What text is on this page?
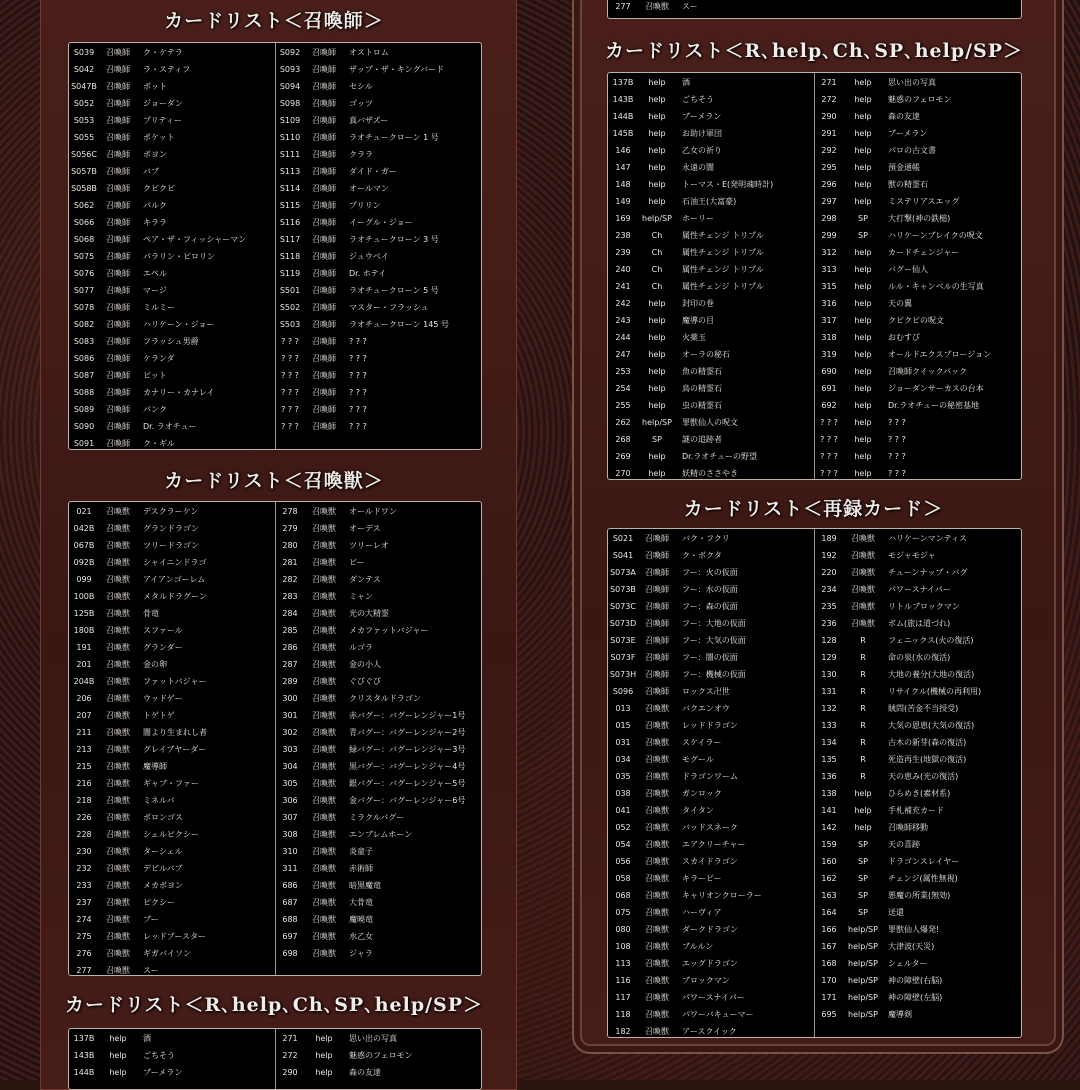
カードリスト＜召喚師＞
S039	召喚師	ク・ケテラ
S042	召喚師	ラ・スティフ
S047B	召喚師	ボット
S052	召喚師	ジョーダン
S053	召喚師	プリティー
S055	召喚師	ポケット
S056C	召喚師	ポヨン
S057B	召喚師	バブ
S058B	召喚師	クピクピ
S062	召喚師	パルク
S066	召喚師	キララ
S068	召喚師	ペア・ザ・フィッシャーマン
S075	召喚師	パラリン・ピロリン
S076	召喚師	エペル
S077	召喚師	マージ
S078	召喚師	ミルミー
S082	召喚師	ハリケーン・ジョー
S083	召喚師	フラッシュ男爵
S086	召喚師	ケランダ
S087	召喚師	ビット
S088	召喚師	カナリー・カナレイ
S089	召喚師	パンク
S090	召喚師	Dr. ラオチュー
S091	召喚師	ク・ギル
S092	召喚師	オストロム
S093	召喚師	ザップ・ザ・キングバード
S094	召喚師	セシル
S098	召喚師	ゴッツ
S109	召喚師	真バザズー
S110	召喚師	ラオチュークローン 1 号
S111	召喚師	クララ
S113	召喚師	ダイド・ガー
S114	召喚師	オールマン
S115	召喚師	プリリン
S116	召喚師	イーグル・ジョー
S117	召喚師	ラオチュークローン 3 号
S118	召喚師	ジュウベイ
S119	召喚師	Dr. ホテイ
S501	召喚師	ラオチュークローン 5 号
S502	召喚師	マスター・フラッシュ
S503	召喚師	ラオチュークローン 145 号
? ? ?	召喚師	? ? ?
? ? ?	召喚師	? ? ?
? ? ?	召喚師	? ? ?
? ? ?	召喚師	? ? ?
? ? ?	召喚師	? ? ?
? ? ?	召喚師	? ? ?
カードリスト＜召喚獣＞
021	召喚獣	デスクラーケン
042B	召喚獣	グランドラゴン
067B	召喚獣	ツリードラゴン
092B	召喚獣	シャイニンドラゴ
099	召喚獣	アイアンゴーレム
100B	召喚獣	メタルドラグーン
125B	召喚獣	骨竜
180B	召喚獣	スファール
191	召喚獣	グランダー
201	召喚獣	金の卵
204B	召喚獣	ファットバジャー
206	召喚獣	ウッドゲー
207	召喚獣	トゲトゲ
211	召喚獣	闇より生まれし者
213	召喚獣	グレイブヤーダー
215	召喚獣	魔導師
216	召喚獣	ギャブ・ファー
218	召喚獣	ミネルバ
226	召喚獣	ボロンゴス
228	召喚獣	シェルピクシー
230	召喚獣	ターシェル
232	召喚獣	デビルバブ
233	召喚獣	メカボヨン
237	召喚獣	ピクシー
274	召喚獣	ブー
275	召喚獣	レッドブースター
276	召喚獣	ギガバイソン
277	召喚獣	スー
278	召喚獣	オールドワン
279	召喚獣	オーデス
280	召喚獣	ツリーレオ
281	召喚獣	ビー
282	召喚獣	ダンテス
283	召喚獣	ミャン
284	召喚獣	光の大精霊
285	召喚獣	メカファットバジャー
286	召喚獣	ルゴラ
287	召喚獣	金の小人
289	召喚獣	ぐびぐび
300	召喚獣	クリスタルドラゴン
301	召喚獣	赤バグー：バグーレンジャー1号
302	召喚獣	青バグー：バグーレンジャー2号
303	召喚獣	緑バグー：バグーレンジャー3号
304	召喚獣	黒バグー：バグーレンジャー4号
305	召喚獣	銀バグー：バグーレンジャー5号
306	召喚獣	金バグー：バグーレンジャー6号
307	召喚獣	ミラクルバグー
308	召喚獣	エンブレムホーン
310	召喚獣	炎童子
311	召喚獣	赤術師
686	召喚獣	暗黒魔竜
687	召喚獣	大骨竜
688	召喚獣	魔曉竜
697	召喚獣	水乙女
698	召喚獣	ジャラ
カードリスト＜R､help､Ch､SP､help/SP＞
137B	help	酒
143B	help	ごちそう
144B	help	ブーメラン
271	help	思い出の写真
272	help	魅惑のフェロモン
290	help	森の友達
277	召喚獣	スー
カードリスト＜R､help､Ch､SP､help/SP＞
137B	help	酒
143B	help	ごちそう
144B	help	ブーメラン
145B	help	お助け軍団
146	help	乙女の祈り
147	help	永遠の闇
148	help	トーマス・E(発明魂時計)
149	help	石油王(大富豪)
169	help/SP	ホーリー
238	Ch	属性チェンジ トリプル
239	Ch	属性チェンジ トリプル
240	Ch	属性チェンジ トリプル
241	Ch	属性チェンジ トリプル
242	help	封印の巻
243	help	魔導の目
244	help	火薬玉
247	help	オーラの秘石
253	help	魚の精霊石
254	help	鳥の精霊石
255	help	虫の精霊石
262	help/SP	罪獣仙人の呪文
268	SP	謎の追跡者
269	help	Dr.ラオチューの野望
270	help	妖精のささやき
271	help	思い出の写真
272	help	魅惑のフェロモン
290	help	森の友達
291	help	ブーメラン
292	help	パロの古文書
295	help	預金通帳
296	help	獣の精霊石
297	help	ミステリアスエッグ
298	SP	大打撃(神の鉄槌)
299	SP	ハリケーンブレイクの呪文
312	help	カードチェンジャー
313	help	バグー仙人
315	help	ルル・キャンベルの生写真
316	help	天の翼
317	help	クピクピの呪文
318	help	おむすび
319	help	オールドエクスプロージョン
690	help	召喚師クイックパック
691	help	ジョーダンサーカスの台本
692	help	Dr.ラオチューの秘密基地
? ? ?	help	? ? ?
? ? ?	help	? ? ?
? ? ?	help	? ? ?
? ? ?	help	? ? ?
カードリスト＜再録カード＞
S021	召喚師	バク・フクリ
S041	召喚師	ク・ボクタ
S073A	召喚師	フー：火の仮面
S073B	召喚師	フー：水の仮面
S073C	召喚師	フー：森の仮面
S073D	召喚師	フー：大地の仮面
S073E	召喚師	フー：大気の仮面
S073F	召喚師	フー：闇の仮面
S073H	召喚師	フー：機械の仮面
S096	召喚師	ロックス卍世
013	召喚獣	バクエンオウ
015	召喚獣	レッドドラゴン
031	召喚獣	スケイラー
034	召喚獣	モグール
035	召喚獣	ドラゴンワーム
038	召喚獣	ガンロック
041	召喚獣	タイタン
052	召喚獣	バッドスネーク
054	召喚獣	エアクリーチャー
056	召喚獣	スカイドラゴン
058	召喚獣	キラービー
068	召喚獣	キャリオンクローラー
075	召喚獣	ハーヴィア
080	召喚獣	ダークドラゴン
108	召喚獣	ブルルン
113	召喚獣	エッグドラゴン
116	召喚獣	ブロックマン
117	召喚獣	パワースナイパー
118	召喚獣	パワーバキューマー
182	召喚獣	アースクイック
189	召喚獣	ハリケーンマンティス
192	召喚獣	モジャモジャ
220	召喚獣	チューンナップ・バグ
234	召喚獣	パワースナイパー
235	召喚獣	リトルブロックマン
236	召喚獣	ボム(旅は道づれ)
128	R	フェニックス(火の復活)
129	R	命の泉(水の復活)
130	R	大地の養分(大地の復活)
131	R	リサイクル(機械の再利用)
132	R	賊問(苦金不当授受)
133	R	大気の恩恵(大気の復活)
134	R	古木の新芽(森の復活)
135	R	死造再生(地獄の復活)
136	R	天の恵み(光の復活)
138	help	ひらめき(素材系)
141	help	手札補充カード
142	help	召喚師移動
159	SP	天の喜跡
160	SP	ドラゴンスレイヤー
162	SP	チェンジ(属性無視)
163	SP	悪魔の所業(無効)
164	SP	送還
166	help/SP	罪獣仙人爆発!
167	help/SP	大津波(天災)
168	help/SP	シェルター
170	help/SP	神の障壁(右脳)
171	help/SP	神の障壁(左脳)
695	help/SP	魔導剣
